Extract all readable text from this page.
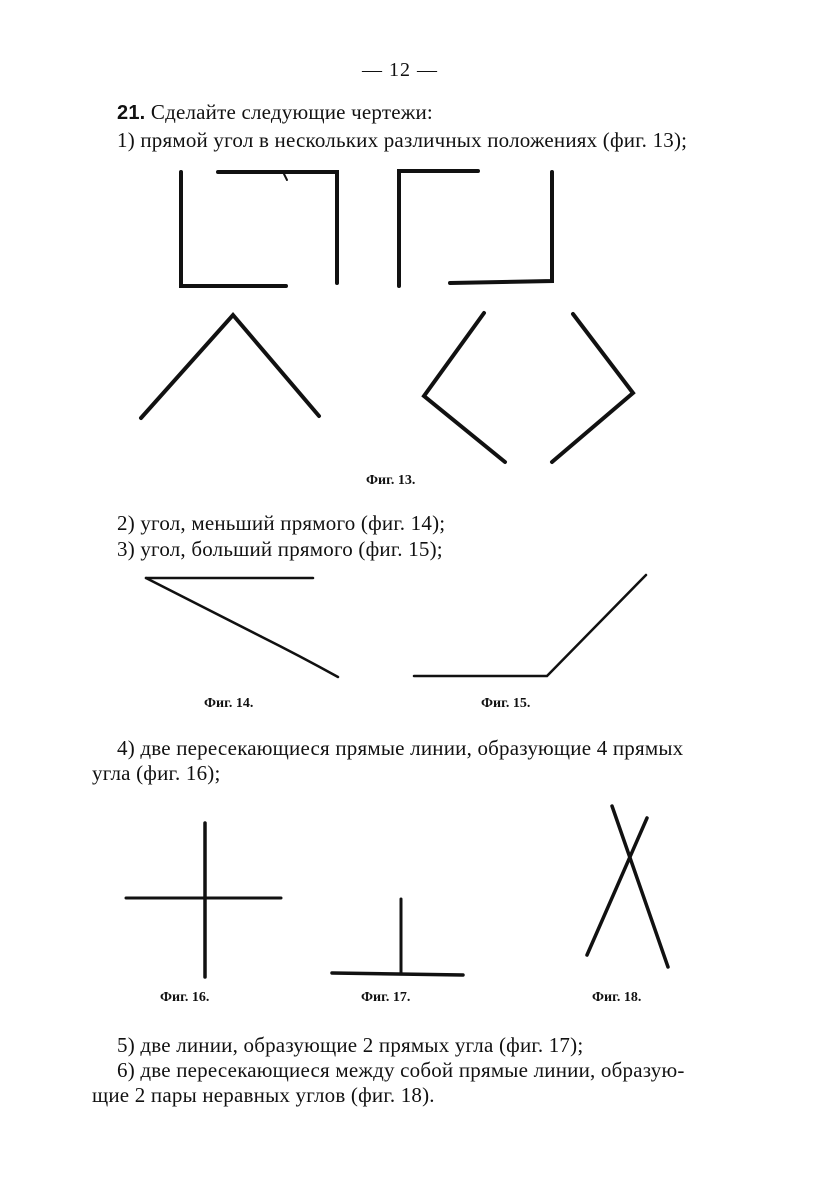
— 12 —
21. Сделайте следующие чертежи:
1) прямой угол в нескольких различных положениях (фиг. 13);
Фиг. 13.
2) угол, меньший прямого (фиг. 14);
3) угол, больший прямого (фиг. 15);
Фиг. 14.	Фиг. 15.
4) две пересекающиеся прямые линии, образующие 4 прямых
угла (фиг. 16);
Фиг. 16.	Фиг. 17.	Фиг. 18.
5) две линии, образующие 2 прямых угла (фиг. 17);
6) две пересекающиеся между собой прямые линии, образую-
щие 2 пары неравных углов (фиг. 18).
